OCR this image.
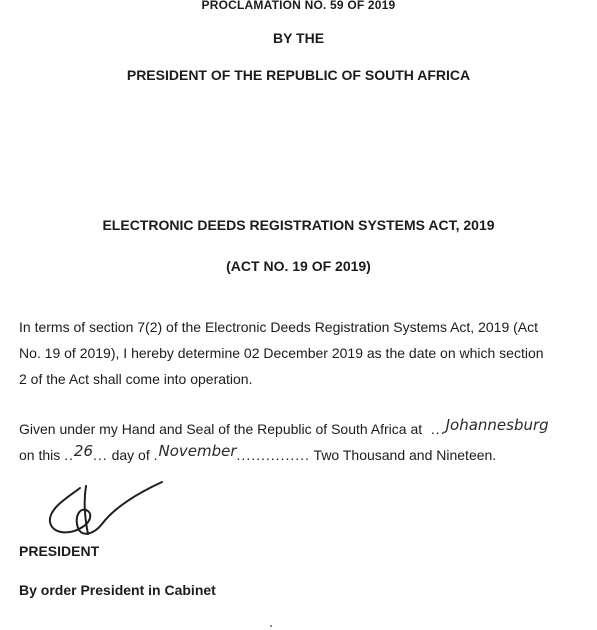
PROCLAMATION NO. 59 OF 2019
BY THE
PRESIDENT OF THE REPUBLIC OF SOUTH AFRICA
ELECTRONIC DEEDS REGISTRATION SYSTEMS ACT, 2019
(ACT NO. 19 OF 2019)
In terms of section 7(2) of the Electronic Deeds Registration Systems Act, 2019 (Act
No. 19 of 2019), I hereby determine 02 December 2019 as the date on which section
2 of the Act shall come into operation.
Given under my Hand and Seal of the Republic of South Africa at  ...Johannesburg
on this ..26... day of .November............... Two Thousand and Nineteen.
PRESIDENT
By order President in Cabinet
